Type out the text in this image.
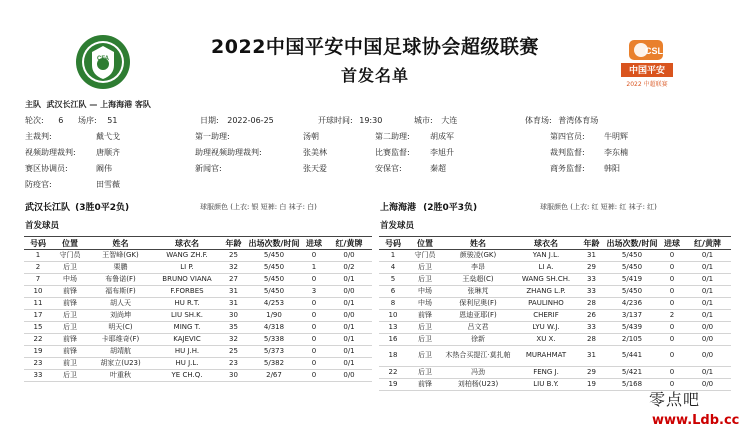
CFA
CSL
中国平安
2022 中超联赛
2022中国平安中国足球协会超级联赛
首发名单
主队 武汉长江队 — 上海海港 客队
轮次: 6 场序: 51	日期: 2022-06-25	开球时间: 19:30	城市: 大连	体育场: 普湾体育场
主裁判:	戴弋戈	第一助理:	汤朝	第二助理:	胡成军	第四官员: 牛明辉
视频助理裁判:	唐顺齐	助理视频助理裁判:	张美林	比赛监督:	李旭升	裁判监督: 李东楠
赛区协调员:	阚伟	新闻官:	张天爱	安保官:	秦超	商务监督: 韩阳
防疫官:	田雪薇
武汉长江队 (3胜0平2负)	球服颜色 (上衣: 银 短裤: 白 袜子: 白)
首发球员
上海海港 (2胜0平3负)	球服颜色 (上衣: 红 短裤: 红 袜子: 红)
首发球员
号码	位置	姓名	球衣名	年龄	出场次数/时间	进球	红/黄牌
1	守门员	王智峰(GK)	WANG ZH.F.	25	5/450	0	0/0
2	后卫	栗鹏	LI P.	32	5/450	1	0/2
7	中场	布鲁诺(F)	BRUNO VIANA	27	5/450	0	0/1
10	前锋	福布斯(F)	F.FORBES	31	5/450	3	0/0
11	前锋	胡人天	HU R.T.	31	4/253	0	0/1
17	后卫	刘尚坤	LIU SH.K.	30	1/90	0	0/0
15	后卫	明天(C)	MING T.	35	4/318	0	0/1
22	前锋	卡耶维奇(F)	KAJEVIC	32	5/338	0	0/1
19	前锋	胡靖航	HU J.H.	25	5/373	0	0/1
23	前卫	胡家立(U23)	HU J.L.	23	5/382	0	0/1
33	后卫	叶重秋	YE CH.Q.	30	2/67	0	0/0
号码	位置	姓名	球衣名	年龄	出场次数/时间	进球	红/黄牌
1	守门员	颜骏凌(GK)	YAN J.L.	31	5/450	0	0/1
4	后卫	李昂	LI A.	29	5/450	0	0/1
5	后卫	王燊超(C)	WANG SH.CH.	33	5/419	0	0/1
6	中场	张琳芃	ZHANG L.P.	33	5/450	0	0/1
8	中场	保利尼奥(F)	PAULINHO	28	4/236	0	0/1
10	前锋	恩迪亚耶(F)	CHERIF	26	3/137	2	0/1
13	后卫	吕文君	LYU W.J.	33	5/439	0	0/0
16	后卫	徐新	XU X.	28	2/105	0	0/0
18	后卫	木热合买提江·莫扎帕	MURAHMAT	31	5/441	0	0/0
22	后卫	冯劲	FENG J.	29	5/421	0	0/1
19	前锋	刘柏杨(U23)	LIU B.Y.	19	5/168	0	0/0
零点吧
www.Ldb.cc
